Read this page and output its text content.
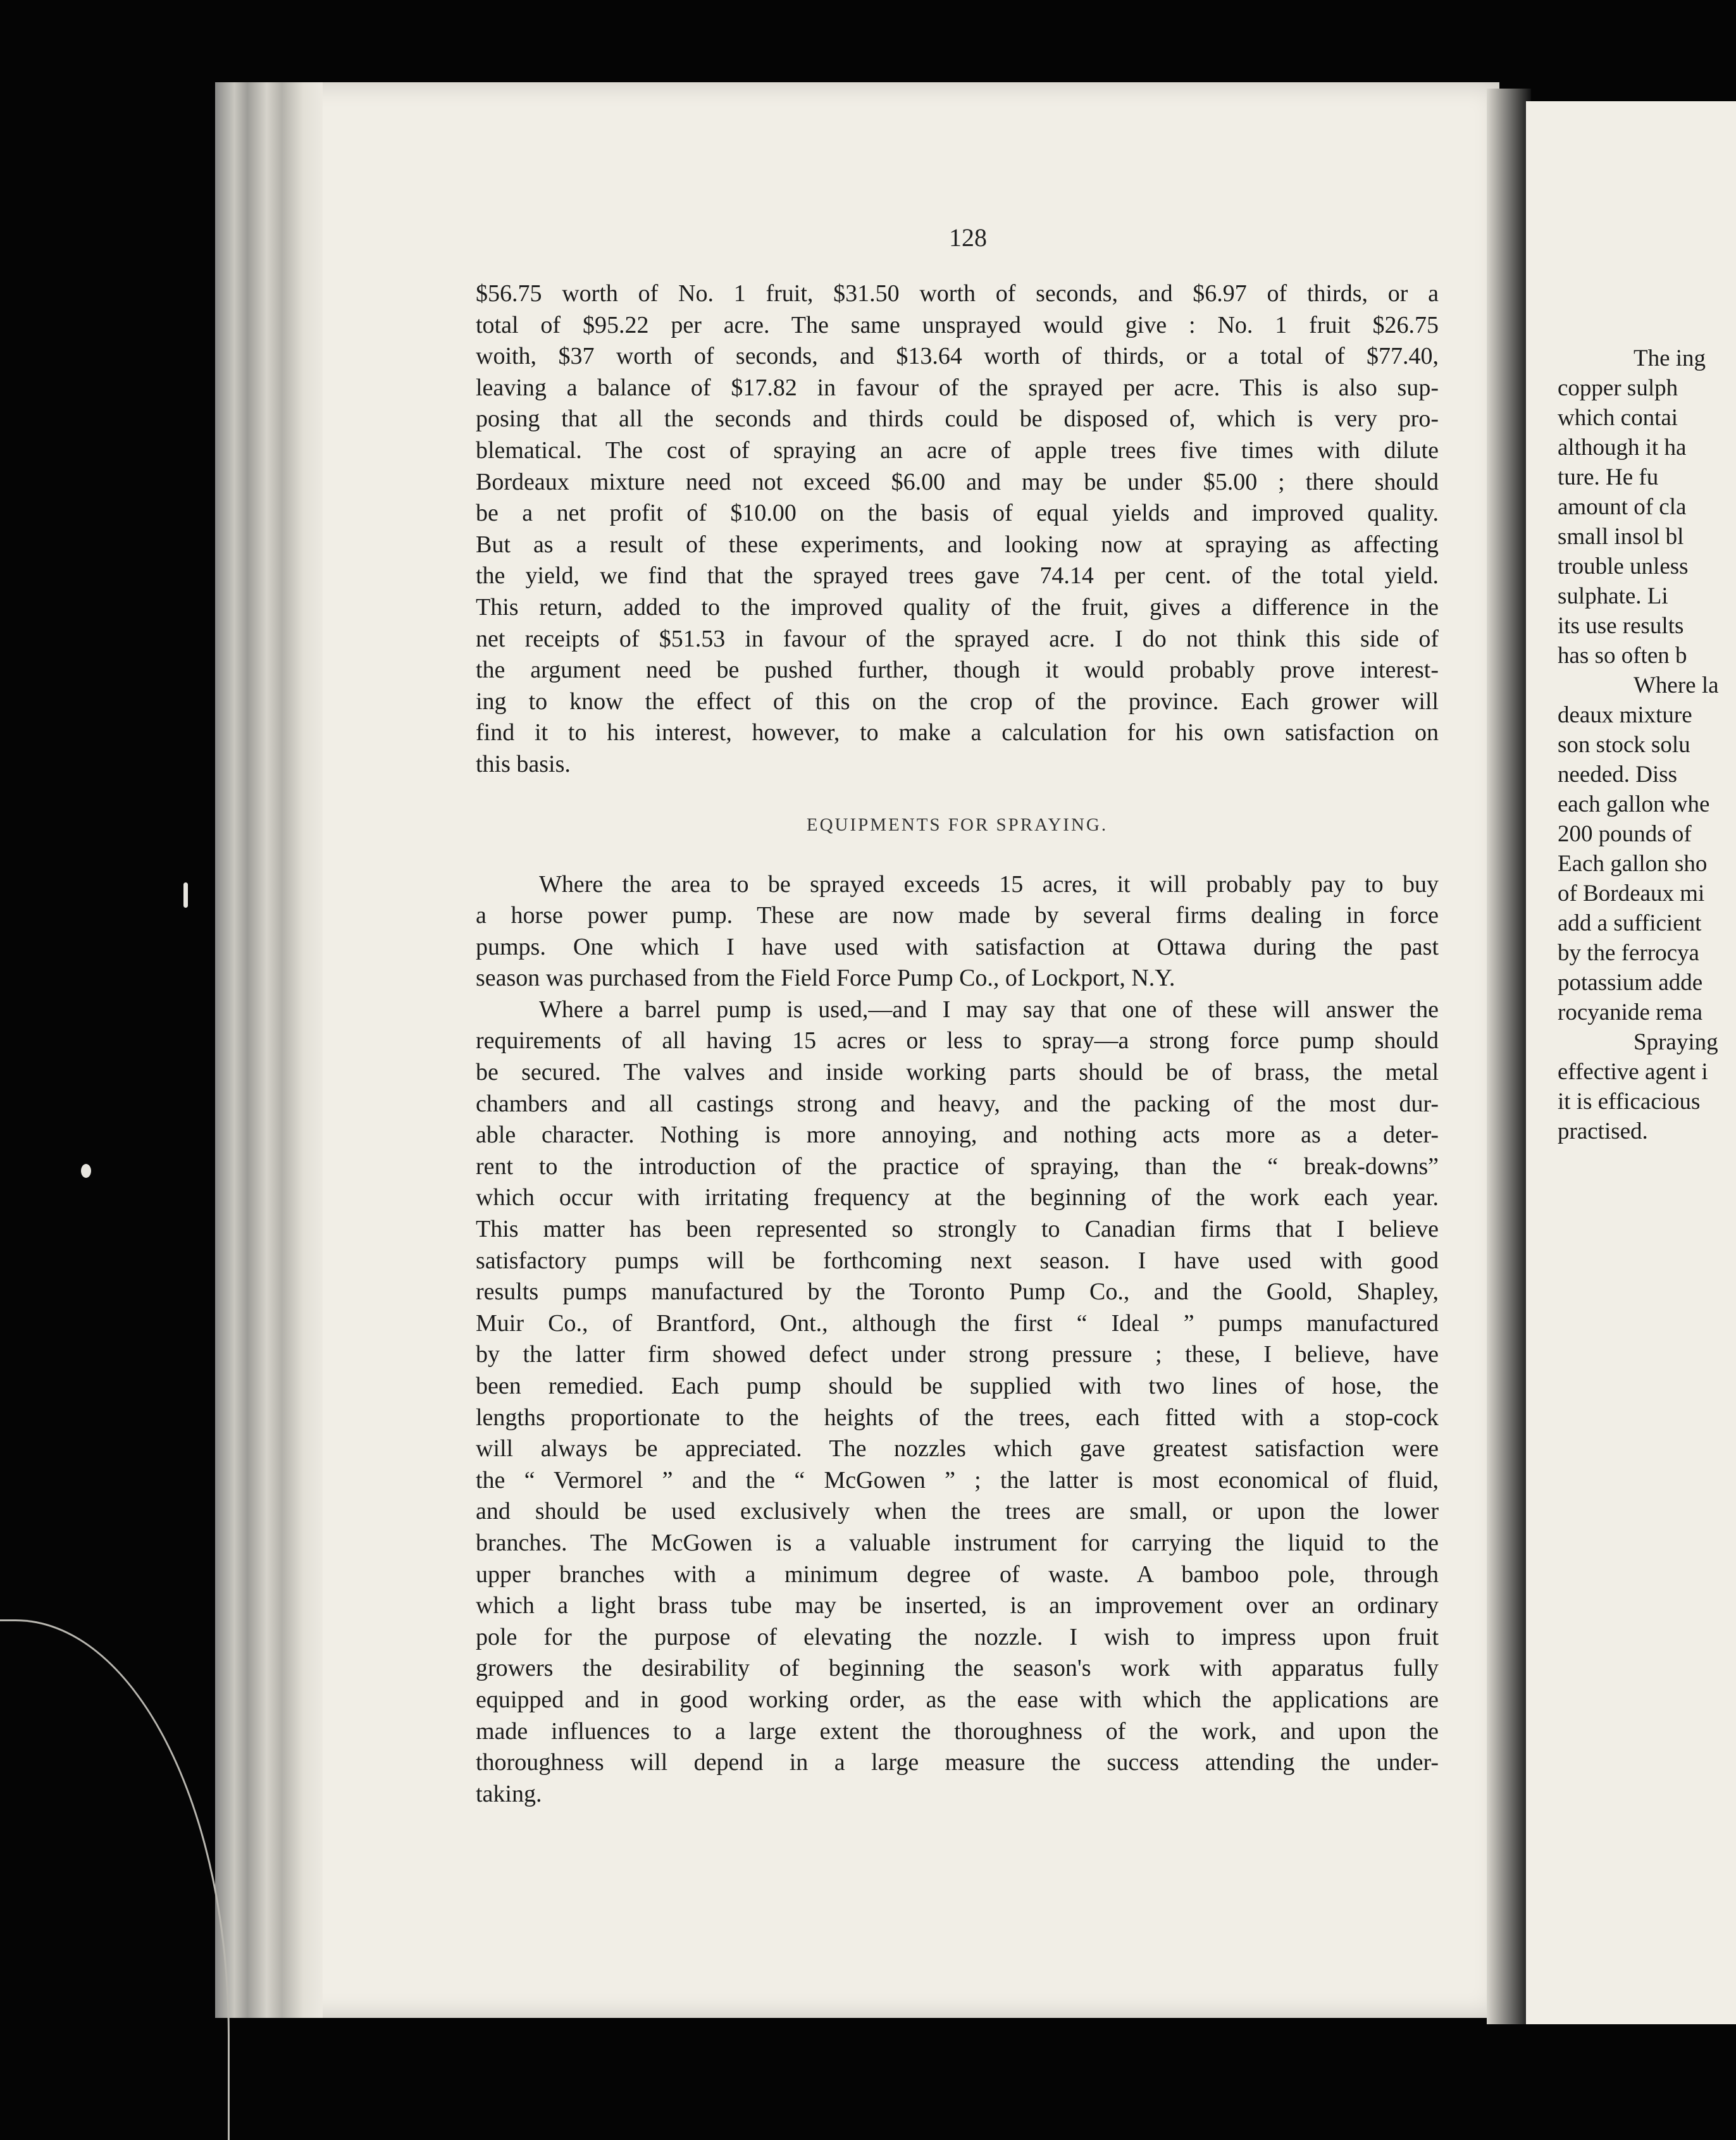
128
$56.75 worth of No. 1 fruit, $31.50 worth of seconds, and $6.97 of thirds, or a
total of $95.22 per acre. The same unsprayed would give : No. 1 fruit $26.75
woith, $37 worth of seconds, and $13.64 worth of thirds, or a total of $77.40,
leaving a balance of $17.82 in favour of the sprayed per acre. This is also sup-
posing that all the seconds and thirds could be disposed of, which is very pro-
blematical. The cost of spraying an acre of apple trees five times with dilute
Bordeaux mixture need not exceed $6.00 and may be under $5.00 ; there should
be a net profit of $10.00 on the basis of equal yields and improved quality.
But as a result of these experiments, and looking now at spraying as affecting
the yield, we find that the sprayed trees gave 74.14 per cent. of the total yield.
This return, added to the improved quality of the fruit, gives a difference in the
net receipts of $51.53 in favour of the sprayed acre. I do not think this side of
the argument need be pushed further, though it would probably prove interest-
ing to know the effect of this on the crop of the province. Each grower will
find it to his interest, however, to make a calculation for his own satisfaction on
this basis.
EQUIPMENTS FOR SPRAYING.
Where the area to be sprayed exceeds 15 acres, it will probably pay to buy
a horse power pump. These are now made by several firms dealing in force
pumps. One which I have used with satisfaction at Ottawa during the past
season was purchased from the Field Force Pump Co., of Lockport, N.Y.
Where a barrel pump is used,—and I may say that one of these will answer the
requirements of all having 15 acres or less to spray—a strong force pump should
be secured. The valves and inside working parts should be of brass, the metal
chambers and all castings strong and heavy, and the packing of the most dur-
able character. Nothing is more annoying, and nothing acts more as a deter-
rent to the introduction of the practice of spraying, than the “ break-downs”
which occur with irritating frequency at the beginning of the work each year.
This matter has been represented so strongly to Canadian firms that I believe
satisfactory pumps will be forthcoming next season. I have used with good
results pumps manufactured by the Toronto Pump Co., and the Goold, Shapley,
Muir Co., of Brantford, Ont., although the first “ Ideal ” pumps manufactured
by the latter firm showed defect under strong pressure ; these, I believe, have
been remedied. Each pump should be supplied with two lines of hose, the
lengths proportionate to the heights of the trees, each fitted with a stop-cock
will always be appreciated. The nozzles which gave greatest satisfaction were
the “ Vermorel ” and the “ McGowen ” ; the latter is most economical of fluid,
and should be used exclusively when the trees are small, or upon the lower
branches. The McGowen is a valuable instrument for carrying the liquid to the
upper branches with a minimum degree of waste. A bamboo pole, through
which a light brass tube may be inserted, is an improvement over an ordinary
pole for the purpose of elevating the nozzle. I wish to impress upon fruit
growers the desirability of beginning the season's work with apparatus fully
equipped and in good working order, as the ease with which the applications are
made influences to a large extent the thoroughness of the work, and upon the
thoroughness will depend in a large measure the success attending the under-
taking.
The ing
copper sulph
which contai
although it ha
ture. He fu
amount of cla
small insol bl
trouble unless
sulphate. Li
its use results
has so often b
Where la
deaux mixture
son stock solu
needed. Diss
each gallon whe
200 pounds of
Each gallon sho
of Bordeaux mi
add a sufficient
by the ferrocya
potassium adde
rocyanide rema
Spraying
effective agent i
it is efficacious
practised.
